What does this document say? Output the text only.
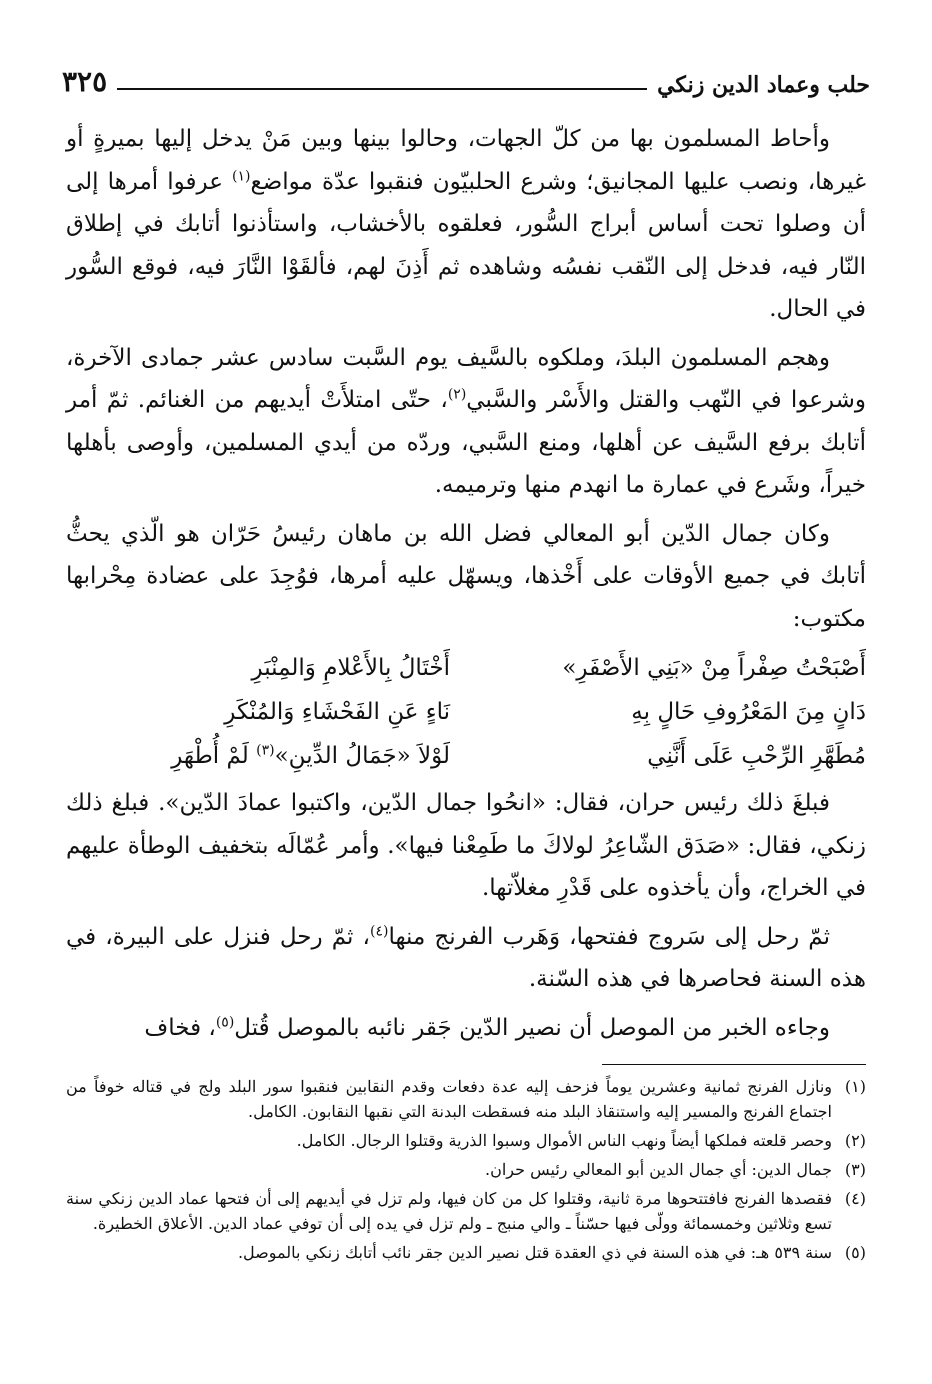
حلب وعماد الدين زنكي
٣٢٥

وأحاط المسلمون بها من كلّ الجهات، وحالوا بينها وبين مَنْ يدخل إليها بميرةٍ أو غيرها، ونصب عليها المجانيق؛ وشرع الحلبيّون فنقبوا عدّة مواضع$^{(١)}$ عرفوا أمرها إلى أن وصلوا تحت أساس أبراج السُّور، فعلقوه بالأخشاب، واستأذنوا أتابك في إطلاق النّار فيه، فدخل إلى النّقب نفسُه وشاهده ثم أَذِنَ لهم، فألقَوْا النَّارَ فيه، فوقع السُّور في الحال.

وهجم المسلمون البلدَ، وملكوه بالسَّيف يوم السَّبت سادس عشر جمادى الآخرة، وشرعوا في النّهب والقتل والأَسْر والسَّبي$^{(٢)}$، حتّى امتلأَتْ أيديهم من الغنائم. ثمّ أمر أتابك برفع السَّيف عن أهلها، ومنع السَّبي، وردّه من أيدي المسلمين، وأوصى بأهلها خيراً، وشَرع في عمارة ما انهدم منها وترميمه.

وكان جمال الدّين أبو المعالي فضل الله بن ماهان رئيسُ حَرّان هو الّذي يحثُّ أتابك في جميع الأوقات على أَخْذها، ويسهّل عليه أمرها، فوُجِدَ على عضادة مِحْرابها مكتوب:

أَصْبَحْتُ صِفْراً مِنْ «بَنِي الأَصْفَرِ»
أَخْتَالُ بِالأَعْلامِ وَالمِنْبَرِ
دَانٍ مِنَ المَعْرُوفِ حَالٍ بِهِ
نَاءٍ عَنِ الفَحْشَاءِ وَالمُنْكَرِ
مُطَهَّرِ الرِّحْبِ عَلَى أَنَّنِي
لَوْلاَ «جَمَالُ الدِّينِ»$^{(٣)}$ لَمْ أُطْهَرِ

فبلغَ ذلك رئيس حران، فقال: «انحُوا جمال الدّين، واكتبوا عمادَ الدّين». فبلغ ذلك زنكي، فقال: «صَدَق الشّاعِرُ لولاكَ ما طَمِعْنا فيها». وأمر عُمّالَه بتخفيف الوطأة عليهم في الخراج، وأن يأخذوه على قَدْرِ مغلاّتها.

ثمّ رحل إلى سَروج ففتحها، وَهَرب الفرنج منها$^{(٤)}$، ثمّ رحل فنزل على البيرة، في هذه السنة فحاصرها في هذه السّنة.

وجاءه الخبر من الموصل أن نصير الدّين جَقر نائبه بالموصل قُتل$^{(٥)}$، فخاف

(١)
ونازل الفرنج ثمانية وعشرين يوماً فزحف إليه عدة دفعات وقدم النقابين فنقبوا سور البلد ولج في قتاله خوفاً من اجتماع الفرنج والمسير إليه واستنقاذ البلد منه فسقطت البدنة التي نقبها النقابون. الكامل.
(٢)
وحصر قلعته فملكها أيضاً ونهب الناس الأموال وسبوا الذرية وقتلوا الرجال. الكامل.
(٣)
جمال الدين: أي جمال الدين أبو المعالي رئيس حران.
(٤)
فقصدها الفرنج فافتتحوها مرة ثانية، وقتلوا كل من كان فيها، ولم تزل في أيديهم إلى أن فتحها عماد الدين زنكي سنة تسع وثلاثين وخمسمائة وولّى فيها حسّناً ـ والي منبج ـ ولم تزل في يده إلى أن توفي عماد الدين. الأعلاق الخطيرة.
(٥)
سنة ٥٣٩ هـ: في هذه السنة في ذي العقدة قتل نصير الدين جقر نائب أتابك زنكي بالموصل.
